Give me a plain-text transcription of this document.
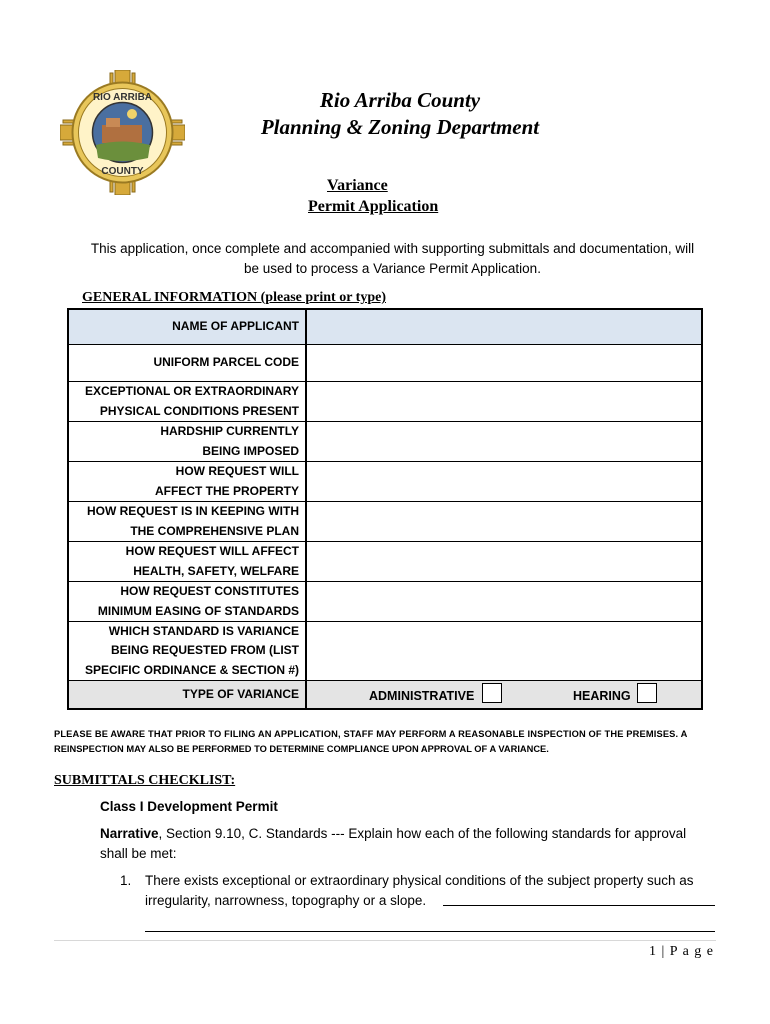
RIO ARRIBA
COUNTY
Rio Arriba County
Planning & Zoning Department
Variance
Permit Application
This application, once complete and accompanied with supporting submittals and documentation, will
be used to process a Variance Permit Application.
GENERAL INFORMATION (please print or type)
NAME OF APPLICANT
UNIFORM PARCEL CODE
EXCEPTIONAL OR EXTRAORDINARY
PHYSICAL CONDITIONS PRESENT
HARDSHIP CURRENTLY
BEING IMPOSED
HOW REQUEST WILL
AFFECT THE PROPERTY
HOW REQUEST IS IN KEEPING WITH
THE COMPREHENSIVE PLAN
HOW REQUEST WILL AFFECT
HEALTH, SAFETY, WELFARE
HOW REQUEST CONSTITUTES
MINIMUM EASING OF STANDARDS
WHICH STANDARD IS VARIANCE
BEING REQUESTED FROM (LIST
SPECIFIC ORDINANCE & SECTION #)
TYPE OF VARIANCE	ADMINISTRATIVE	HEARING
PLEASE BE AWARE THAT PRIOR TO FILING AN APPLICATION, STAFF MAY PERFORM A REASONABLE INSPECTION OF THE PREMISES. A
REINSPECTION MAY ALSO BE PERFORMED TO DETERMINE COMPLIANCE UPON APPROVAL OF A VARIANCE.
SUBMITTALS CHECKLIST:
Class I Development Permit
Narrative, Section 9.10, C. Standards --- Explain how each of the following standards for approval
shall be met:
1. There exists exceptional or extraordinary physical conditions of the subject property such as
irregularity, narrowness, topography or a slope.
1 | P a g e
